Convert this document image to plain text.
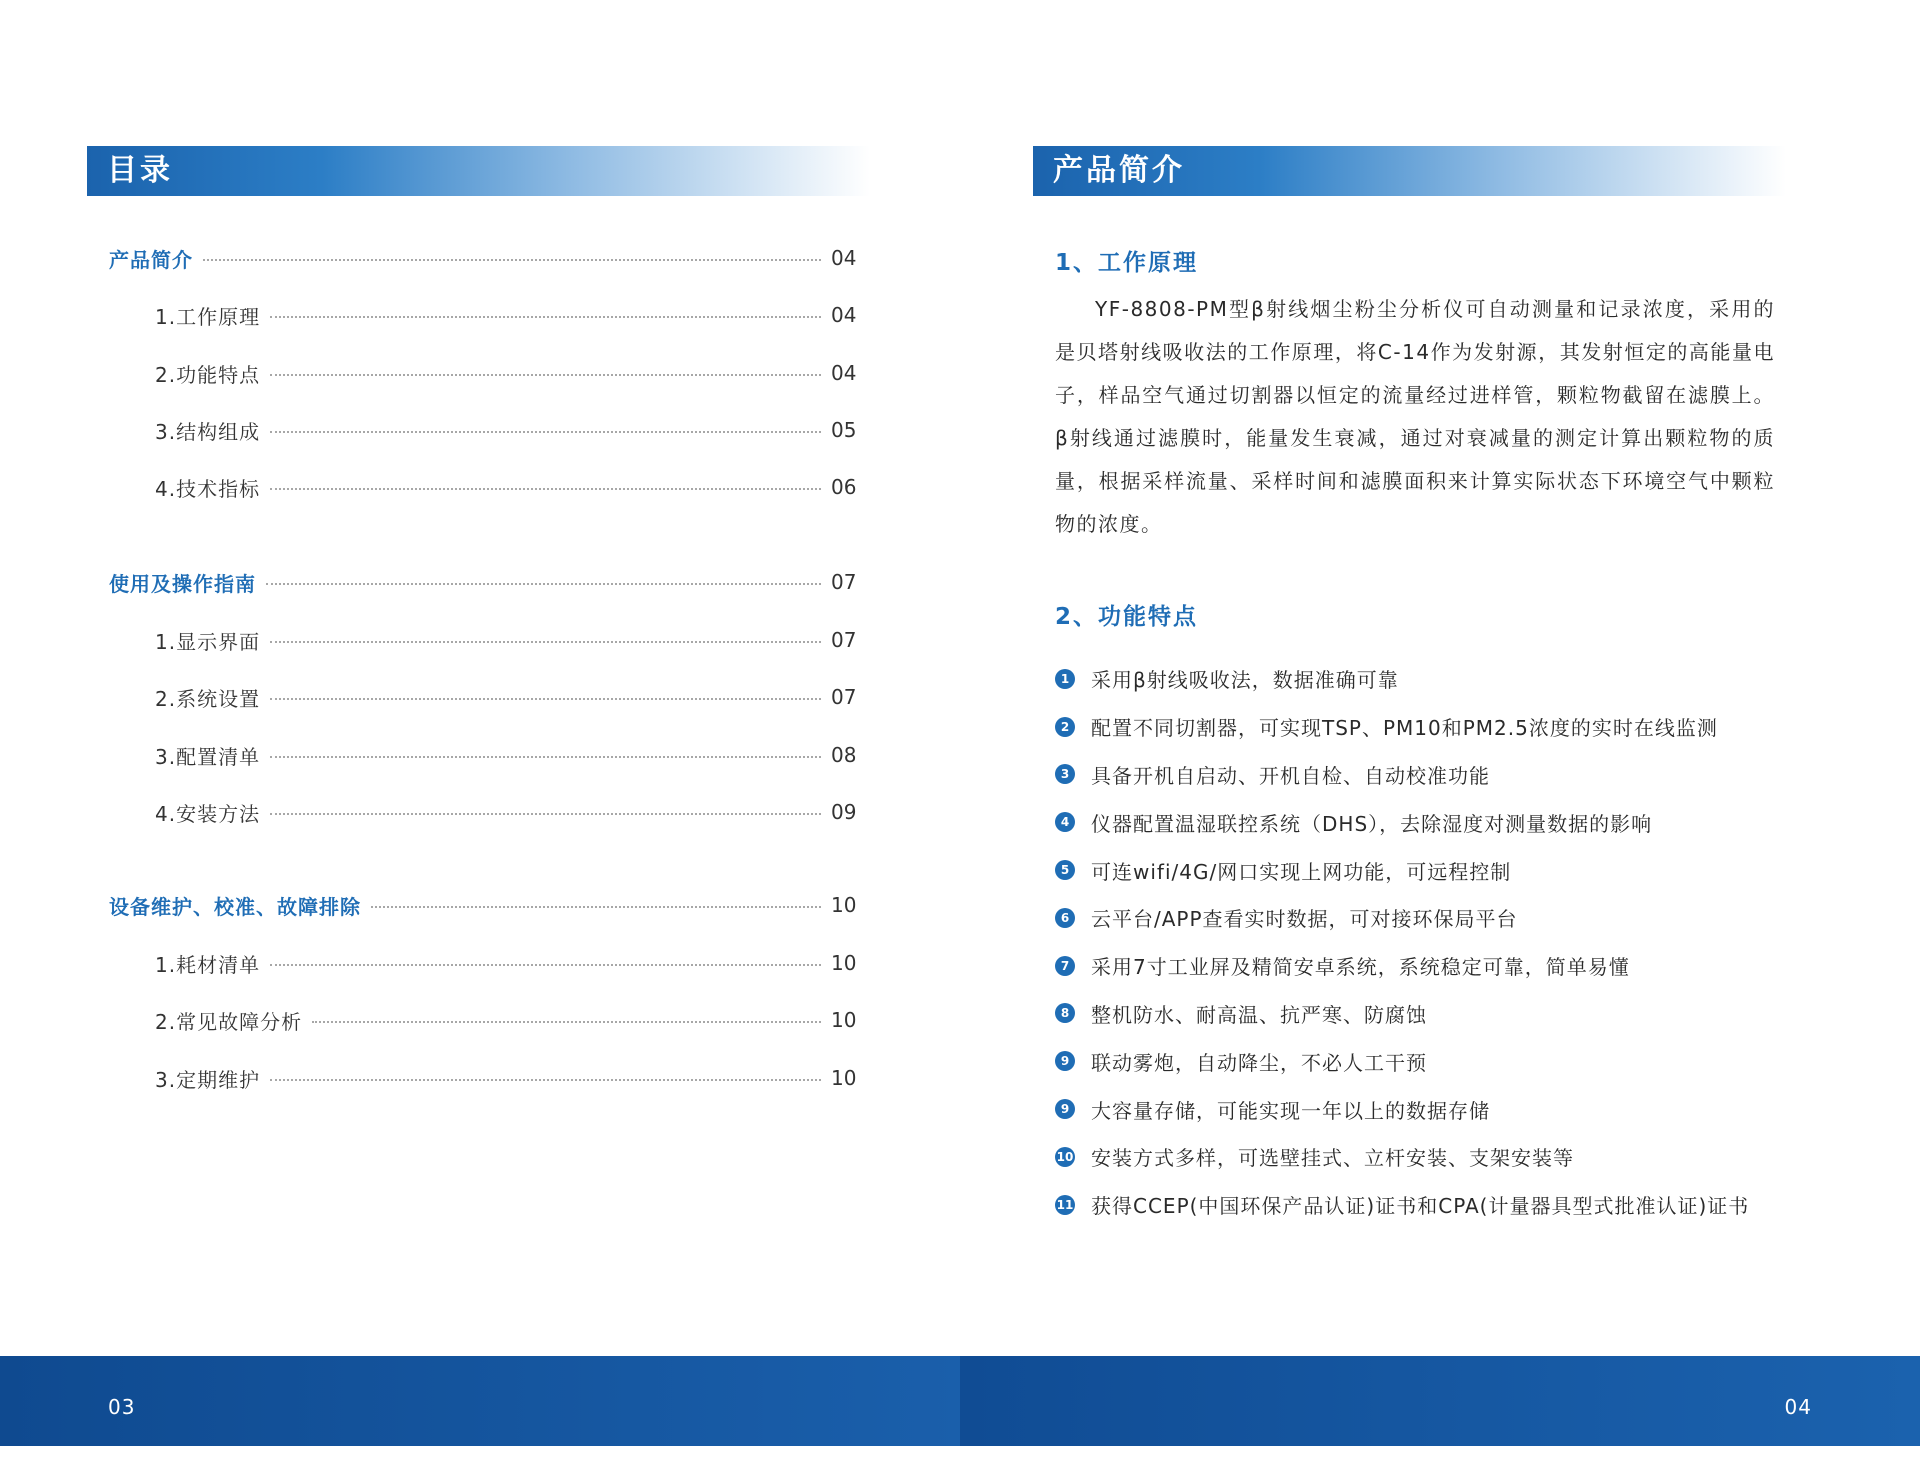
目录
产品简介	04
1.工作原理	04
2.功能特点	04
3.结构组成	05
4.技术指标	06
使用及操作指南	07
1.显示界面	07
2.系统设置	07
3.配置清单	08
4.安装方法	09
设备维护、校准、故障排除	10
1.耗材清单	10
2.常见故障分析	10
3.定期维护	10
产品简介
1、工作原理
YF-8808-PM型β射线烟尘粉尘分析仪可自动测量和记录浓度，采用的是贝塔射线吸收法的工作原理，将C-14作为发射源，其发射恒定的高能量电子，样品空气通过切割器以恒定的流量经过进样管，颗粒物截留在滤膜上。β射线通过滤膜时，能量发生衰减，通过对衰减量的测定计算出颗粒物的质量，根据采样流量、采样时间和滤膜面积来计算实际状态下环境空气中颗粒物的浓度。
2、功能特点
1 采用β射线吸收法，数据准确可靠
2 配置不同切割器，可实现TSP、PM10和PM2.5浓度的实时在线监测
3 具备开机自启动、开机自检、自动校准功能
4 仪器配置温湿联控系统（DHS），去除湿度对测量数据的影响
5 可连wifi/4G/网口实现上网功能，可远程控制
6 云平台/APP查看实时数据，可对接环保局平台
7 采用7寸工业屏及精简安卓系统，系统稳定可靠，简单易懂
8 整机防水、耐高温、抗严寒、防腐蚀
9 联动雾炮，自动降尘，不必人工干预
9 大容量存储，可能实现一年以上的数据存储
10 安装方式多样，可选壁挂式、立杆安装、支架安装等
11 获得CCEP(中国环保产品认证)证书和CPA(计量器具型式批准认证)证书
03	04
